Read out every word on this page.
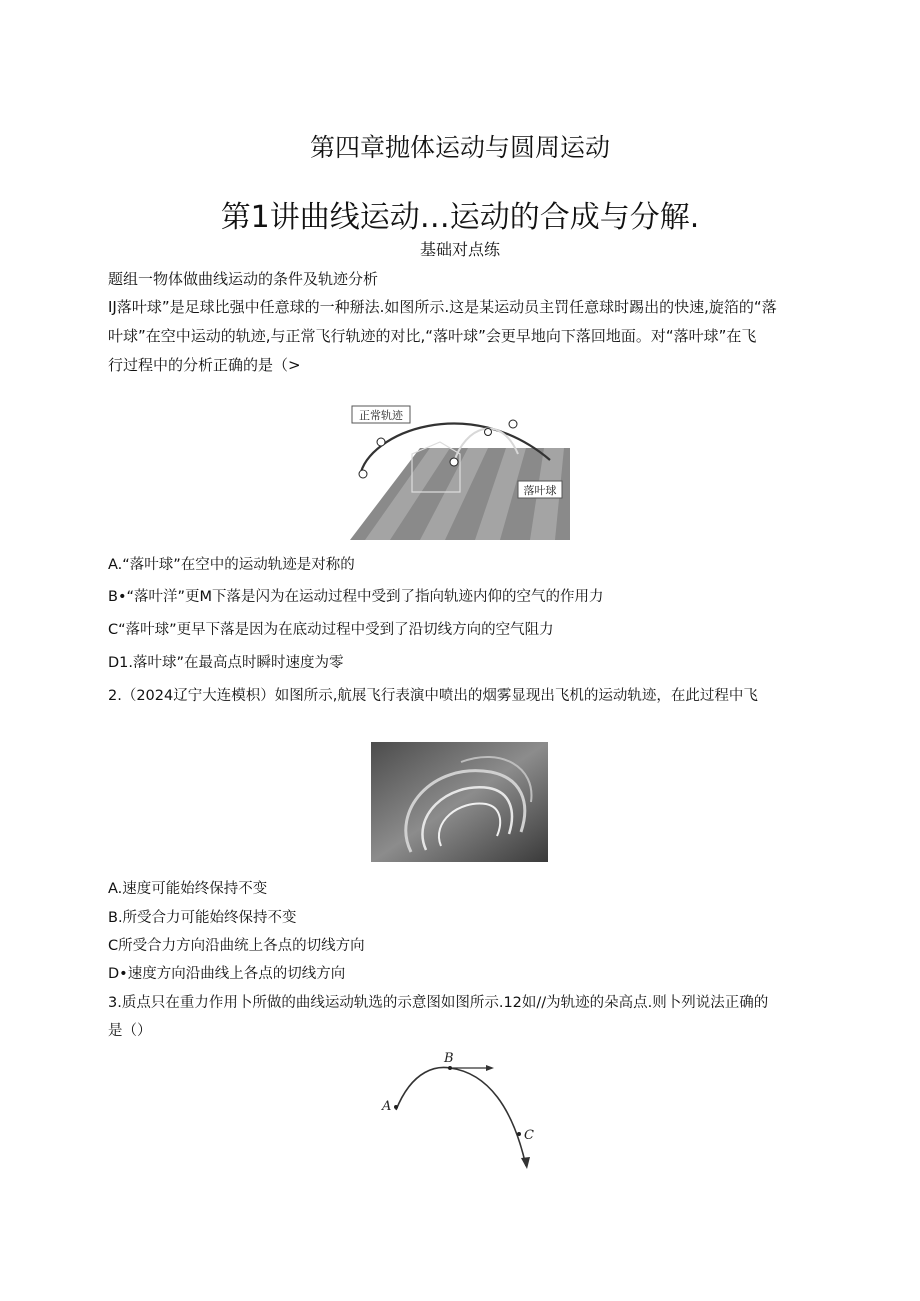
第四章抛体运动与圆周运动
第1讲曲线运动…运动的合成与分解.
基础对点练
题组一物体做曲线运动的条件及轨迹分析
IJ落叶球”是足球比强中任意球的一种掰法.如图所示.这是某运动员主罚任意球时踢出的快速,旋箔的“落
叶球”在空中运动的轨迹,与正常飞行轨迹的对比,“落叶球”会更早地向下落回地面。对“落叶球”在飞
行过程中的分析正确的是（>
正常轨迹
落叶球
A.“落叶球”在空中的运动轨迹是对称的
B•“落叶洋”更M下落是闪为在运动过程中受到了指向轨迹内仰的空气的作用力
C“落叶球”更早下落是因为在底动过程中受到了沿切线方向的空气阻力
D1.落叶球”在最高点时瞬时速度为零
2.（2024辽宁大连模枳）如图所示,航展飞行表演中喷出的烟雾显现出飞机的运动轨迹，在此过程中飞
A.速度可能始终保持不变
B.所受合力可能始终保持不变
C所受合力方向沿曲统上各点的切线方向
D•速度方向沿曲线上各点的切线方向
3.质点只在重力作用卜所做的曲线运动轨选的示意图如图所示.12如//为轨迹的朵高点.则卜列说法正确的
是（）
A
B
C
